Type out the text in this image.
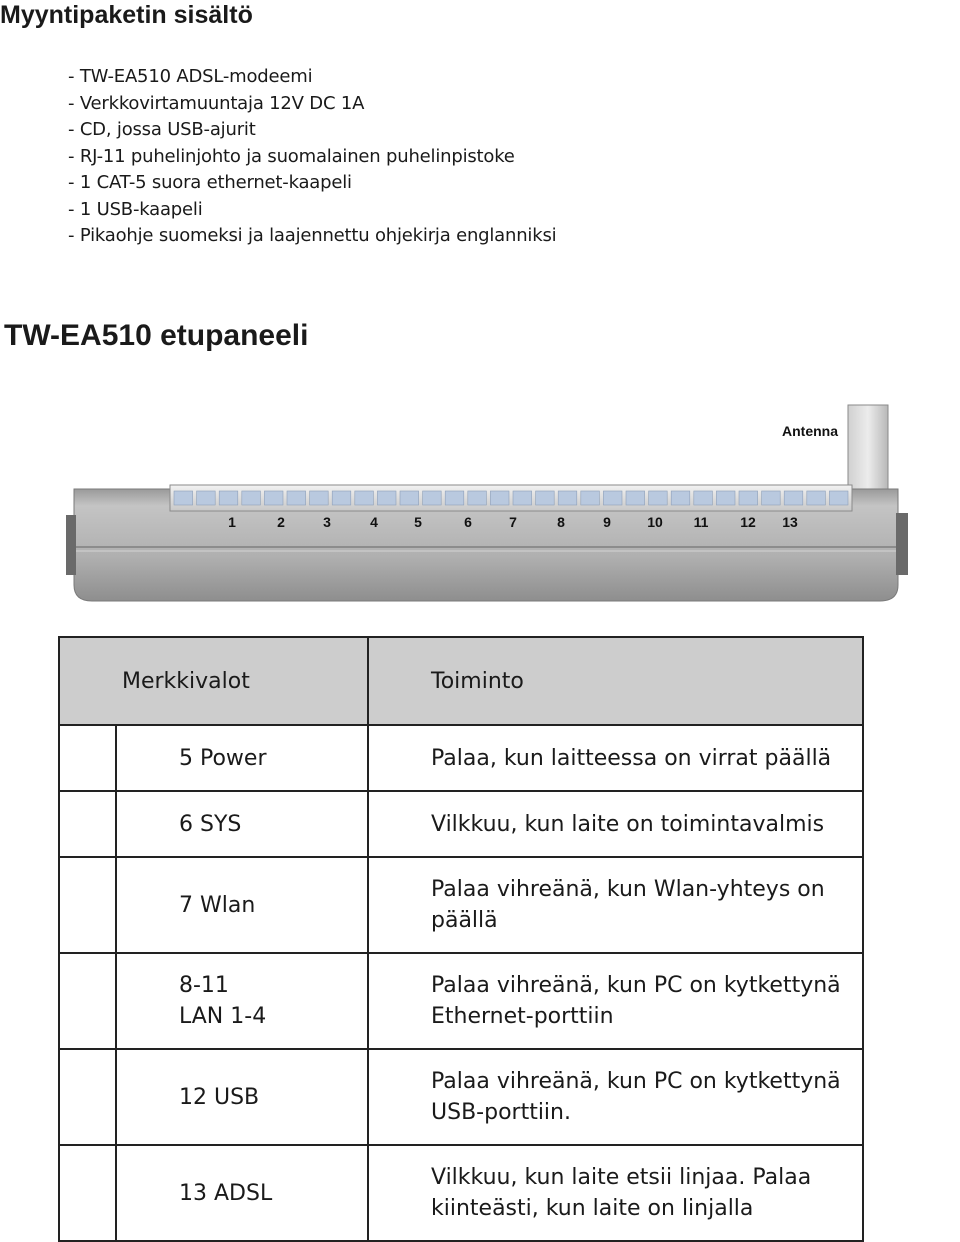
Myyntipaketin sisältö
- TW-EA510 ADSL-modeemi
- Verkkovirtamuuntaja 12V DC 1A
- CD, jossa USB-ajurit
- RJ-11 puhelinjohto ja suomalainen puhelinpistoke
- 1 CAT-5 suora ethernet-kaapeli
- 1 USB-kaapeli
- Pikaohje suomeksi ja laajennettu ohjekirja englanniksi
TW-EA510 etupaneeli
Antenna
1	2	3	4	5	6	7	8	9	10 11 12 13
Merkkivalot		Toiminto

	5 Power	Palaa, kun laitteessa on virrat päällä

	6 SYS	Vilkkuu, kun laite on toimintavalmis

	7 Wlan	Palaa vihreänä, kun Wlan-yhteys on
päällä

	8-11
LAN 1-4	Palaa vihreänä, kun PC on kytkettynä
Ethernet-porttiin

	12 USB	Palaa vihreänä, kun PC on kytkettynä
USB-porttiin.

	13 ADSL	Vilkkuu, kun laite etsii linjaa. Palaa
kiinteästi, kun laite on linjalla
